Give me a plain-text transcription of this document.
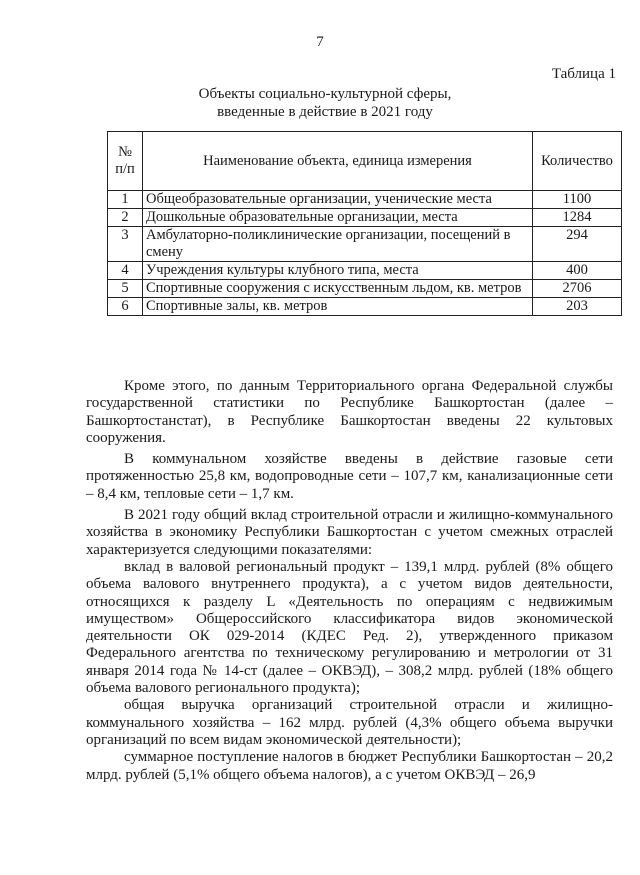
7
Таблица 1
Объекты социально-культурной сферы,
введенные в действие в 2021 году
№ п/п	Наименование объекта, единица измерения	Количество
1	Общеобразовательные организации, ученические места	1100
2	Дошкольные образовательные организации, места	1284
3	Амбулаторно-поликлинические организации, посещений в смену	294
4	Учреждения культуры клубного типа, места	400
5	Спортивные сооружения с искусственным льдом, кв. метров	2706
6	Спортивные залы, кв. метров	203

Кроме этого, по данным Территориального органа Федеральной службы государственной статистики по Республике Башкортостан (далее – Башкортостанстат), в Республике Башкортостан введены 22 культовых сооружения.

В коммунальном хозяйстве введены в действие газовые сети протяженностью 25,8 км, водопроводные сети – 107,7 км, канализационные сети – 8,4 км, тепловые сети – 1,7 км.

В 2021 году общий вклад строительной отрасли и жилищно-коммунального хозяйства в экономику Республики Башкортостан с учетом смежных отраслей характеризуется следующими показателями:

вклад в валовой региональный продукт – 139,1 млрд. рублей (8% общего объема валового внутреннего продукта), а с учетом видов деятельности, относящихся к разделу L «Деятельность по операциям с недвижимым имуществом» Общероссийского классификатора видов экономической деятельности ОК 029-2014 (КДЕС Ред. 2), утвержденного приказом Федерального агентства по техническому регулированию и метрологии от 31 января 2014 года № 14-ст (далее – ОКВЭД), – 308,2 млрд. рублей (18% общего объема валового регионального продукта);

общая выручка организаций строительной отрасли и жилищно-коммунального хозяйства – 162 млрд. рублей (4,3% общего объема выручки организаций по всем видам экономической деятельности);

суммарное поступление налогов в бюджет Республики Башкортостан – 20,2 млрд. рублей (5,1% общего объема налогов), а с учетом ОКВЭД – 26,9
